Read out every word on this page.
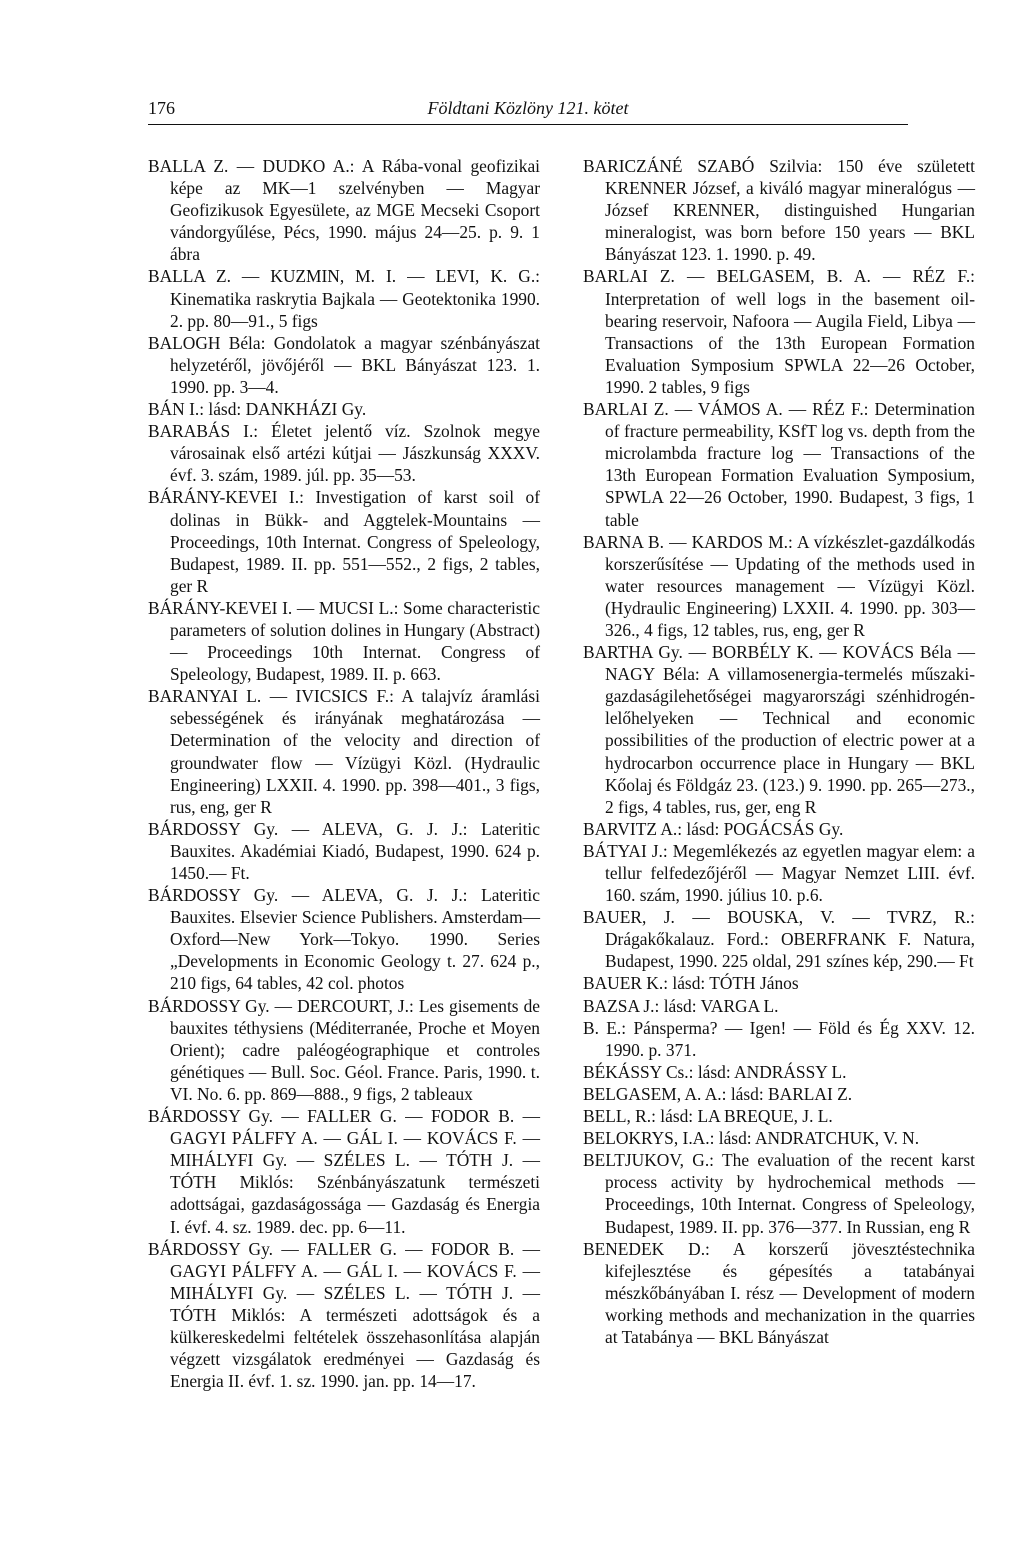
176	Földtani Közlöny 121. kötet

BALLA Z. — DUDKO A.: A Rába-vonal geofizikai képe az MK—1 szelvényben — Magyar Geofizikusok Egyesülete, az MGE Mecseki Csoport vándorgyűlése, Pécs, 1990. május 24—25. p. 9. 1 ábra

BALLA Z. — KUZMIN, M. I. — LEVI, K. G.: Kinematika raskrytia Bajkala — Geotektonika 1990. 2. pp. 80—91., 5 figs

BALOGH Béla: Gondolatok a magyar szénbányászat helyzetéről, jövőjéről — BKL Bányászat 123. 1. 1990. pp. 3—4.

BÁN I.: lásd: DANKHÁZI Gy.

BARABÁS I.: Életet jelentő víz. Szolnok megye városainak első artézi kútjai — Jászkunság XXXV. évf. 3. szám, 1989. júl. pp. 35—53.

BÁRÁNY-KEVEI I.: Investigation of karst soil of dolinas in Bükk- and Aggtelek-Mountains — Proceedings, 10th Internat. Congress of Speleology, Budapest, 1989. II. pp. 551—552., 2 figs, 2 tables, ger R

BÁRÁNY-KEVEI I. — MUCSI L.: Some characteristic parameters of solution dolines in Hungary (Abstract) — Proceedings 10th Internat. Congress of Speleology, Budapest, 1989. II. p. 663.

BARANYAI L. — IVICSICS F.: A talajvíz áramlási sebességének és irányának meghatározása — Determination of the velocity and direction of groundwater flow — Vízügyi Közl. (Hydraulic Engineering) LXXII. 4. 1990. pp. 398—401., 3 figs, rus, eng, ger R

BÁRDOSSY Gy. — ALEVA, G. J. J.: Lateritic Bauxites. Akadémiai Kiadó, Budapest, 1990. 624 p. 1450.— Ft.

BÁRDOSSY Gy. — ALEVA, G. J. J.: Lateritic Bauxites. Elsevier Science Publishers. Amsterdam—Oxford—New York—Tokyo. 1990. Series „Developments in Economic Geology t. 27. 624 p., 210 figs, 64 tables, 42 col. photos

BÁRDOSSY Gy. — DERCOURT, J.: Les gisements de bauxites téthysiens (Méditerranée, Proche et Moyen Orient); cadre paléogéographique et controles génétiques — Bull. Soc. Géol. France. Paris, 1990. t. VI. No. 6. pp. 869—888., 9 figs, 2 tableaux

BÁRDOSSY Gy. — FALLER G. — FODOR B. — GAGYI PÁLFFY A. — GÁL I. — KOVÁCS F. — MIHÁLYFI Gy. — SZÉLES L. — TÓTH J. — TÓTH Miklós: Szénbányászatunk természeti adottságai, gazdaságossága — Gazdaság és Energia I. évf. 4. sz. 1989. dec. pp. 6—11.

BÁRDOSSY Gy. — FALLER G. — FODOR B. — GAGYI PÁLFFY A. — GÁL I. — KOVÁCS F. — MIHÁLYFI Gy. — SZÉLES L. — TÓTH J. — TÓTH Miklós: A természeti adottságok és a külkereskedelmi feltételek összehasonlítása alapján végzett vizsgálatok eredményei — Gazdaság és Energia II. évf. 1. sz. 1990. jan. pp. 14—17.

BARICZÁNÉ SZABÓ Szilvia: 150 éve született KRENNER József, a kiváló magyar mineralógus — József KRENNER, distinguished Hungarian mineralogist, was born before 150 years — BKL Bányászat 123. 1. 1990. p. 49.

BARLAI Z. — BELGASEM, B. A. — RÉZ F.: Interpretation of well logs in the basement oil-bearing reservoir, Nafoora — Augila Field, Libya — Transactions of the 13th European Formation Evaluation Symposium SPWLA 22—26 October, 1990. 2 tables, 9 figs

BARLAI Z. — VÁMOS A. — RÉZ F.: Determination of fracture permeability, KSfT log vs. depth from the microlambda fracture log — Transactions of the 13th European Formation Evaluation Symposium, SPWLA 22—26 October, 1990. Budapest, 3 figs, 1 table

BARNA B. — KARDOS M.: A vízkészlet-gazdálkodás korszerűsítése — Updating of the methods used in water resources management — Vízügyi Közl. (Hydraulic Engineering) LXXII. 4. 1990. pp. 303—326., 4 figs, 12 tables, rus, eng, ger R

BARTHA Gy. — BORBÉLY K. — KOVÁCS Béla — NAGY Béla: A villamosenergia-termelés műszaki-gazdaságilehetőségei magyarországi szénhidrogén-lelőhelyeken — Technical and economic possibilities of the production of electric power at a hydrocarbon occurrence place in Hungary — BKL Kőolaj és Földgáz 23. (123.) 9. 1990. pp. 265—273., 2 figs, 4 tables, rus, ger, eng R

BARVITZ A.: lásd: POGÁCSÁS Gy.

BÁTYAI J.: Megemlékezés az egyetlen magyar elem: a tellur felfedezőjéről — Magyar Nemzet LIII. évf. 160. szám, 1990. július 10. p.6.

BAUER, J. — BOUSKA, V. — TVRZ, R.: Drágakőkalauz. Ford.: OBERFRANK F. Natura, Budapest, 1990. 225 oldal, 291 színes kép, 290.— Ft

BAUER K.: lásd: TÓTH János

BAZSA J.: lásd: VARGA L.

B. E.: Pánsperma? — Igen! — Föld és Ég XXV. 12. 1990. p. 371.

BÉKÁSSY Cs.: lásd: ANDRÁSSY L.

BELGASEM, A. A.: lásd: BARLAI Z.

BELL, R.: lásd: LA BREQUE, J. L.

BELOKRYS, I.A.: lásd: ANDRATCHUK, V. N.

BELTJUKOV, G.: The evaluation of the recent karst process activity by hydrochemical methods — Proceedings, 10th Internat. Congress of Speleology, Budapest, 1989. II. pp. 376—377. In Russian, eng R

BENEDEK D.: A korszerű jövesztéstechnika kifejlesztése és gépesítés a tatabányai mészkőbányában I. rész — Development of modern working methods and mechanization in the quarries at Tatabánya — BKL Bányászat
